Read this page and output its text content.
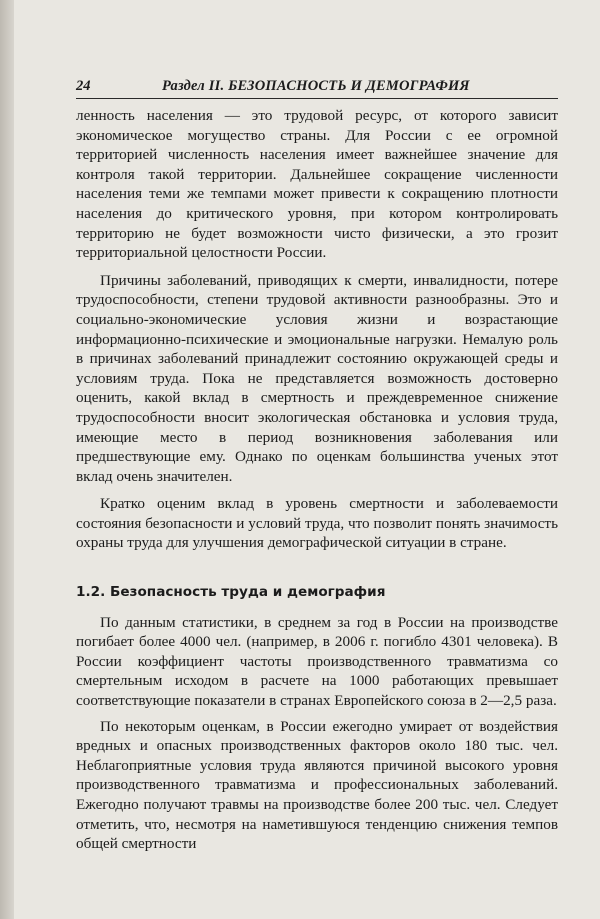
24	Раздел II. БЕЗОПАСНОСТЬ И ДЕМОГРАФИЯ

ленность населения — это трудовой ресурс, от которого зависит экономическое могущество страны. Для России с ее огромной территорией численность населения имеет важнейшее значение для контроля такой территории. Дальнейшее сокращение численности населения теми же темпами может привести к сокращению плотности населения до критического уровня, при котором контролировать территорию не будет возможности чисто физически, а это грозит территориальной целостности России.

Причины заболеваний, приводящих к смерти, инвалидности, потере трудоспособности, степени трудовой активности разнообразны. Это и социально-экономические условия жизни и возрастающие информационно-психические и эмоциональные нагрузки. Немалую роль в причинах заболеваний принадлежит состоянию окружающей среды и условиям труда. Пока не представляется возможность достоверно оценить, какой вклад в смертность и преждевременное снижение трудоспособности вносит экологическая обстановка и условия труда, имеющие место в период возникновения заболевания или предшествующие ему. Однако по оценкам большинства ученых этот вклад очень значителен.

Кратко оценим вклад в уровень смертности и заболеваемости состояния безопасности и условий труда, что позволит понять значимость охраны труда для улучшения демографической ситуации в стране.

1.2. Безопасность труда и демография

По данным статистики, в среднем за год в России на производстве погибает более 4000 чел. (например, в 2006 г. погибло 4301 человека). В России коэффициент частоты производственного травматизма со смертельным исходом в расчете на 1000 работающих превышает соответствующие показатели в странах Европейского союза в 2—2,5 раза.

По некоторым оценкам, в России ежегодно умирает от воздействия вредных и опасных производственных факторов около 180 тыс. чел. Неблагоприятные условия труда являются причиной высокого уровня производственного травматизма и профессиональных заболеваний. Ежегодно получают травмы на производстве более 200 тыс. чел. Следует отметить, что, несмотря на наметившуюся тенденцию снижения темпов общей смертности
